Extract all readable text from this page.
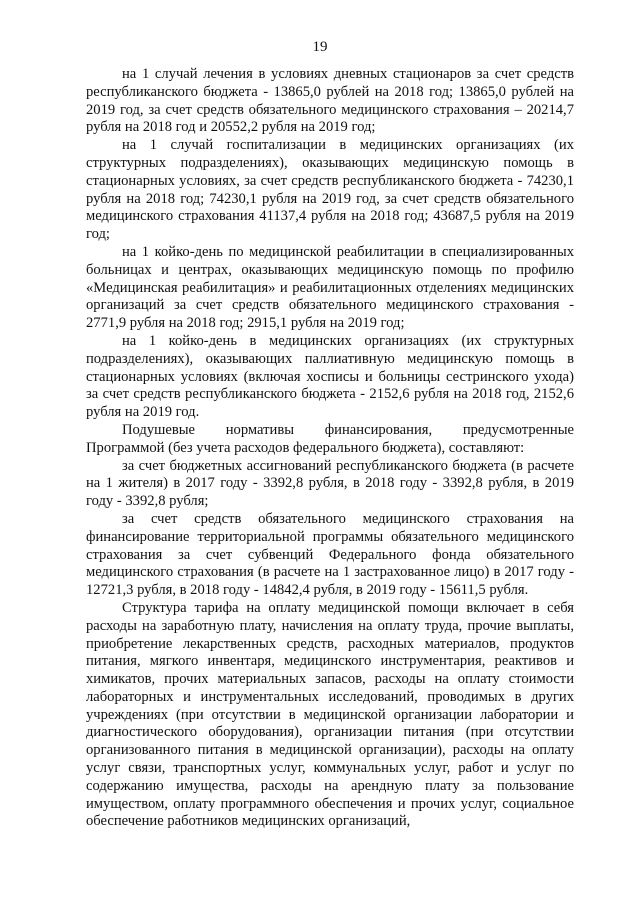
19

на 1 случай лечения в условиях дневных стационаров за счет средств республиканского бюджета - 13865,0 рублей на 2018 год; 13865,0 рублей на 2019 год, за счет средств обязательного медицинского страхования – 20214,7 рубля на 2018 год и 20552,2 рубля на 2019 год;

на 1 случай госпитализации в медицинских организациях (их структурных подразделениях), оказывающих медицинскую помощь в стационарных условиях, за счет средств республиканского бюджета - 74230,1 рубля на 2018 год; 74230,1 рубля на 2019 год, за счет средств обязательного медицинского страхования 41137,4 рубля на 2018 год; 43687,5 рубля на 2019 год;

на 1 койко-день по медицинской реабилитации в специализированных больницах и центрах, оказывающих медицинскую помощь по профилю «Медицинская реабилитация» и реабилитационных отделениях медицинских организаций за счет средств обязательного медицинского страхования - 2771,9 рубля на 2018 год; 2915,1 рубля на 2019 год;

на 1 койко-день в медицинских организациях (их структурных подразделениях), оказывающих паллиативную медицинскую помощь в стационарных условиях (включая хосписы и больницы сестринского ухода) за счет средств республиканского бюджета - 2152,6 рубля на 2018 год, 2152,6 рубля на 2019 год.

Подушевые нормативы финансирования, предусмотренные Программой (без учета расходов федерального бюджета), составляют:

за счет бюджетных ассигнований республиканского бюджета (в расчете на 1 жителя) в 2017 году - 3392,8 рубля, в 2018 году - 3392,8 рубля, в 2019 году - 3392,8 рубля;

за счет средств обязательного медицинского страхования на финансирование территориальной программы обязательного медицинского страхования за счет субвенций Федерального фонда обязательного медицинского страхования (в расчете на 1 застрахованное лицо) в 2017 году - 12721,3 рубля, в 2018 году - 14842,4 рубля, в 2019 году - 15611,5 рубля.

Структура тарифа на оплату медицинской помощи включает в себя расходы на заработную плату, начисления на оплату труда, прочие выплаты, приобретение лекарственных средств, расходных материалов, продуктов питания, мягкого инвентаря, медицинского инструментария, реактивов и химикатов, прочих материальных запасов, расходы на оплату стоимости лабораторных и инструментальных исследований, проводимых в других учреждениях (при отсутствии в медицинской организации лаборатории и диагностического оборудования), организации питания (при отсутствии организованного питания в медицинской организации), расходы на оплату услуг связи, транспортных услуг, коммунальных услуг, работ и услуг по содержанию имущества, расходы на арендную плату за пользование имуществом, оплату программного обеспечения и прочих услуг, социальное обеспечение работников медицинских организаций,
